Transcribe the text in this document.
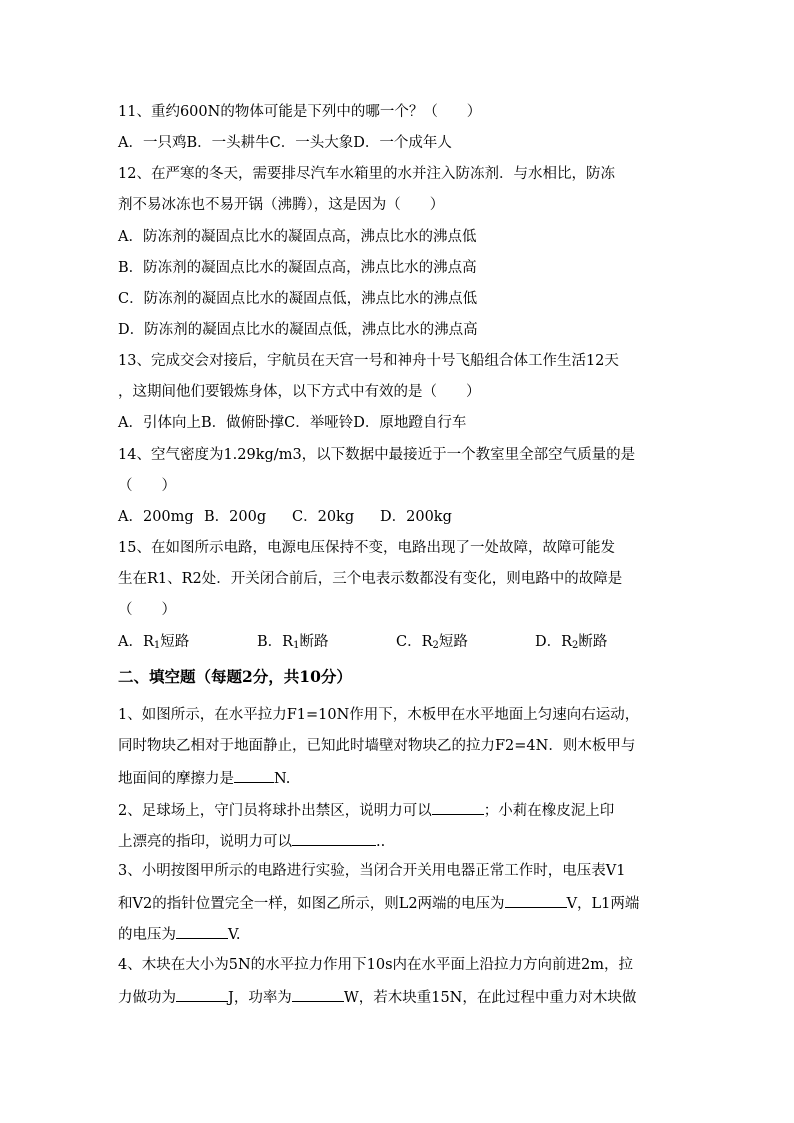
11、重约600N的物体可能是下列中的哪一个？（　　）
A．一只鸡B．一头耕牛C．一头大象D．一个成年人
12、在严寒的冬天，需要排尽汽车水箱里的水并注入防冻剂．与水相比，防冻
剂不易冰冻也不易开锅（沸腾），这是因为（　　）
A．防冻剂的凝固点比水的凝固点高，沸点比水的沸点低
B．防冻剂的凝固点比水的凝固点高，沸点比水的沸点高
C．防冻剂的凝固点比水的凝固点低，沸点比水的沸点低
D．防冻剂的凝固点比水的凝固点低，沸点比水的沸点高
13、完成交会对接后，宇航员在天宫一号和神舟十号飞船组合体工作生活12天
，这期间他们要锻炼身体，以下方式中有效的是（　　）
A．引体向上B．做俯卧撑C．举哑铃D．原地蹬自行车
14、空气密度为1.29kg/m3，以下数据中最接近于一个教室里全部空气质量的是
（　　）
A．200mg B．200g C．20kg D．200kg
15、在如图所示电路，电源电压保持不变，电路出现了一处故障，故障可能发
生在R1、R2处．开关闭合前后，三个电表示数都没有变化，则电路中的故障是
（　　）
A．$R_1$短路	B．$R_1$断路	C．$R_2$短路	D．$R_2$断路
二、填空题（每题2分，共10分）
1、如图所示，在水平拉力F1=10N作用下，木板甲在水平地面上匀速向右运动，
同时物块乙相对于地面静止，已知此时墙壁对物块乙的拉力F2=4N．则木板甲与
地面间的摩擦力是	N.
2、足球场上，守门员将球扑出禁区，说明力可以	；小莉在橡皮泥上印
上漂亮的指印，说明力可以	..
3、小明按图甲所示的电路进行实验，当闭合开关用电器正常工作时，电压表V1
和V2的指针位置完全一样，如图乙所示，则L2两端的电压为	V，L1两端
的电压为	V.
4、木块在大小为5N的水平拉力作用下10s内在水平面上沿拉力方向前进2m，拉
力做功为	J，功率为	W，若木块重15N，在此过程中重力对木块做
